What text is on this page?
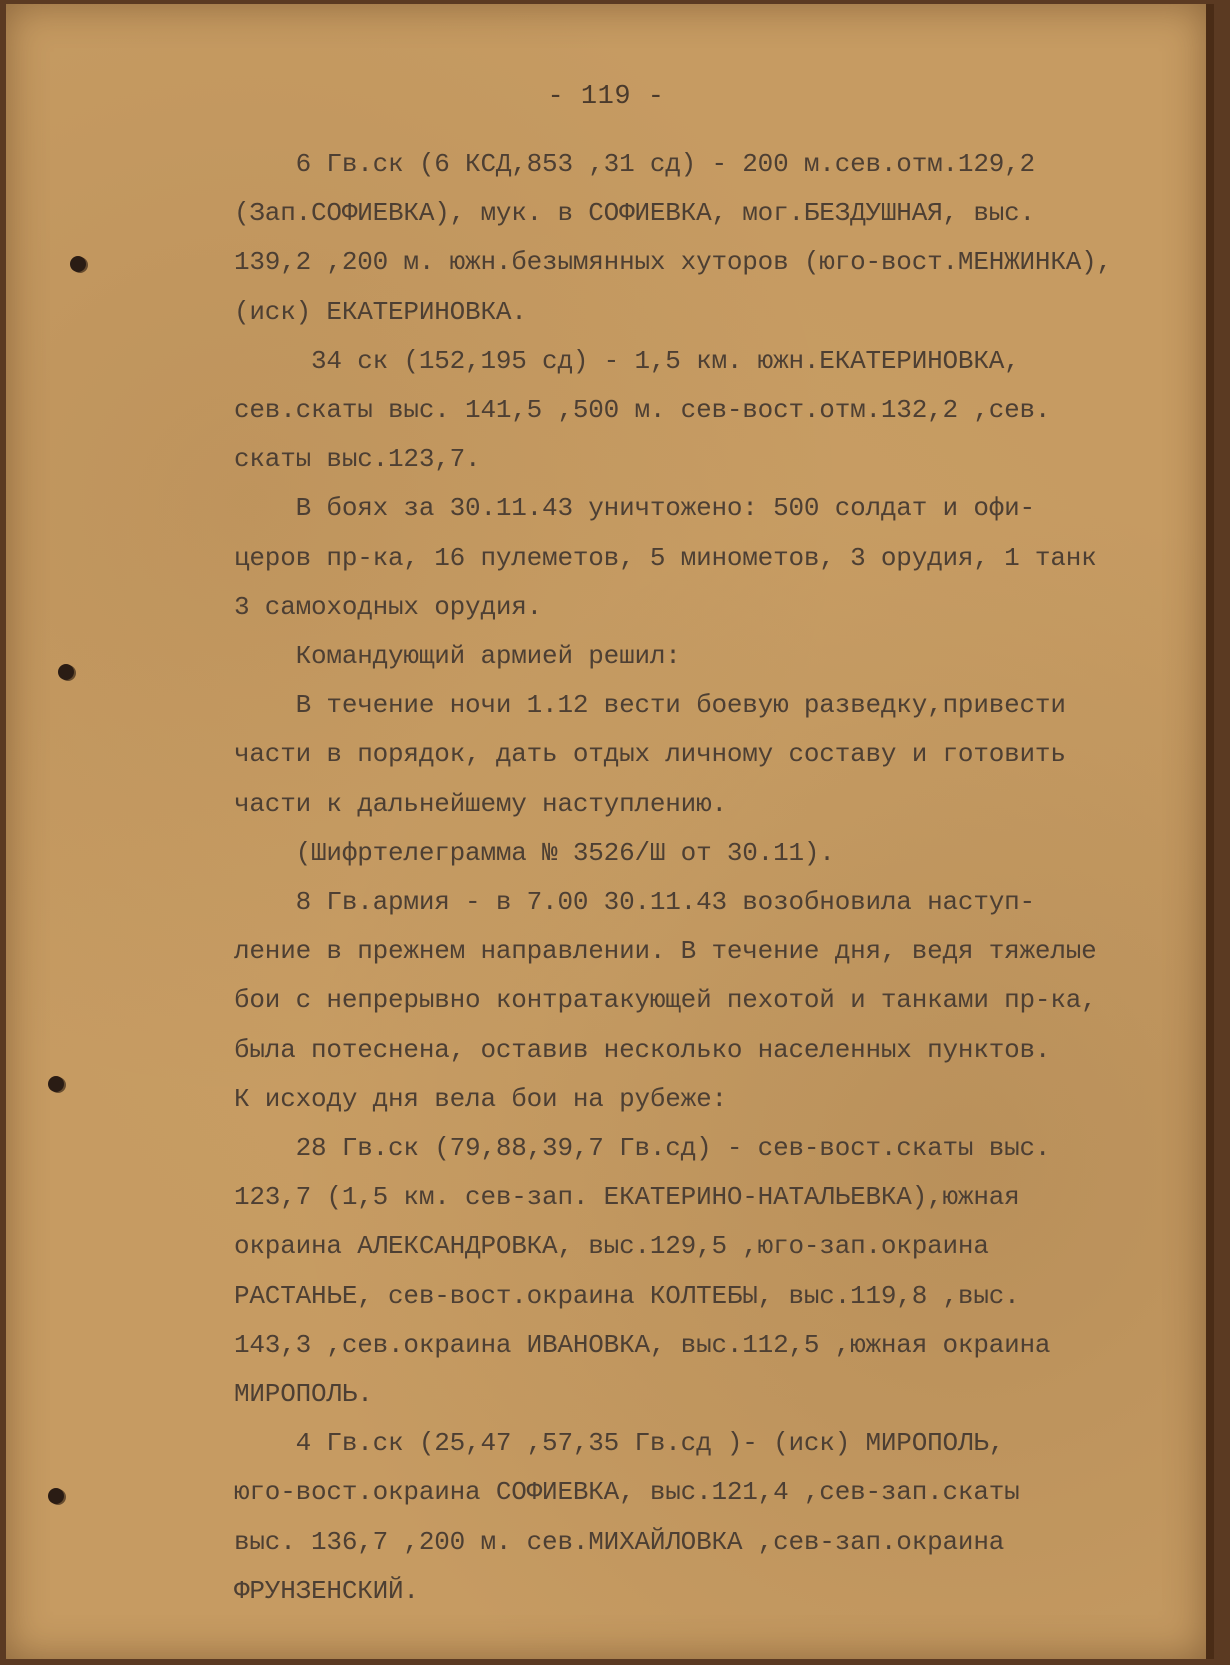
- 119 -
6 Гв.ск (6 КСД,853 ,31 сд) - 200 м.сев.отм.129,2
(Зап.СОФИЕВКА), мук. в СОФИЕВКА, мог.БЕЗДУШНАЯ, выс.
139,2 ,200 м. южн.безымянных хуторов (юго-вост.МЕНЖИНКА),
(иск) ЕКАТЕРИНОВКА.
34 ск (152,195 сд) - 1,5 км. южн.ЕКАТЕРИНОВКА,
сев.скаты выс. 141,5 ,500 м. сев-вост.отм.132,2 ,сев.
скаты выс.123,7.
В боях за 30.11.43 уничтожено: 500 солдат и офи-
церов пр-ка, 16 пулеметов, 5 минометов, 3 орудия, 1 танк
3 самоходных орудия.
Командующий армией решил:
В течение ночи 1.12 вести боевую разведку,привести
части в порядок, дать отдых личному составу и готовить
части к дальнейшему наступлению.
(Шифртелеграмма № 3526/Ш от 30.11).
8 Гв.армия - в 7.00 30.11.43 возобновила наступ-
ление в прежнем направлении. В течение дня, ведя тяжелые
бои с непрерывно контратакующей пехотой и танками пр-ка,
была потеснена, оставив несколько населенных пунктов.
К исходу дня вела бои на рубеже:
28 Гв.ск (79,88,39,7 Гв.сд) - сев-вост.скаты выс.
123,7 (1,5 км. сев-зап. ЕКАТЕРИНО-НАТАЛЬЕВКА),южная
окраина АЛЕКСАНДРОВКА, выс.129,5 ,юго-зап.окраина
РАСТАНЬЕ, сев-вост.окраина КОЛТЕБЫ, выс.119,8 ,выс.
143,3 ,сев.окраина ИВАНОВКА, выс.112,5 ,южная окраина
МИРОПОЛЬ.
4 Гв.ск (25,47 ,57,35 Гв.сд )- (иск) МИРОПОЛЬ,
юго-вост.окраина СОФИЕВКА, выс.121,4 ,сев-зап.скаты
выс. 136,7 ,200 м. сев.МИХАЙЛОВКА ,сев-зап.окраина
ФРУНЗЕНСКИЙ.
